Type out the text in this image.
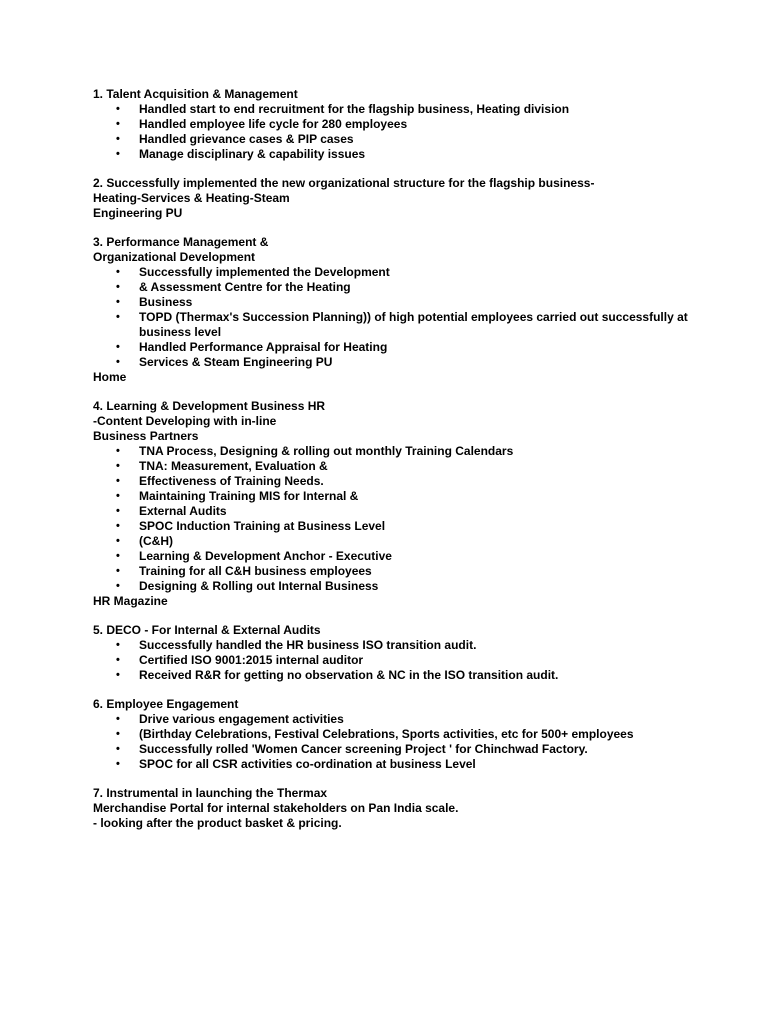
1. Talent Acquisition & Management
• Handled start to end recruitment for the flagship business, Heating division
• Handled employee life cycle for 280 employees
• Handled grievance cases & PIP cases
• Manage disciplinary & capability issues
2. Successfully implemented the new organizational structure for the flagship business-
Heating-Services & Heating-Steam
Engineering PU
3. Performance Management &
Organizational Development
• Successfully implemented the Development
• & Assessment Centre for the Heating
• Business
• TOPD (Thermax's Succession Planning)) of high potential employees carried out successfully at business level
• Handled Performance Appraisal for Heating
• Services & Steam Engineering PU
Home
4. Learning & Development Business HR
-Content Developing with in-line
Business Partners
• TNA Process, Designing & rolling out monthly Training Calendars
• TNA: Measurement, Evaluation &
• Effectiveness of Training Needs.
• Maintaining Training MIS for Internal &
• External Audits
• SPOC Induction Training at Business Level
• (C&H)
• Learning & Development Anchor - Executive
• Training for all C&H business employees
• Designing & Rolling out Internal Business
HR Magazine
5. DECO - For Internal & External Audits
• Successfully handled the HR business ISO transition audit.
• Certified ISO 9001:2015 internal auditor
• Received R&R for getting no observation & NC in the ISO transition audit.
6. Employee Engagement
• Drive various engagement activities
• (Birthday Celebrations, Festival Celebrations, Sports activities, etc for 500+ employees
• Successfully rolled 'Women Cancer screening Project ' for Chinchwad Factory.
• SPOC for all CSR activities co-ordination at business Level
7. Instrumental in launching the Thermax
Merchandise Portal for internal stakeholders on Pan India scale.
- looking after the product basket & pricing.
